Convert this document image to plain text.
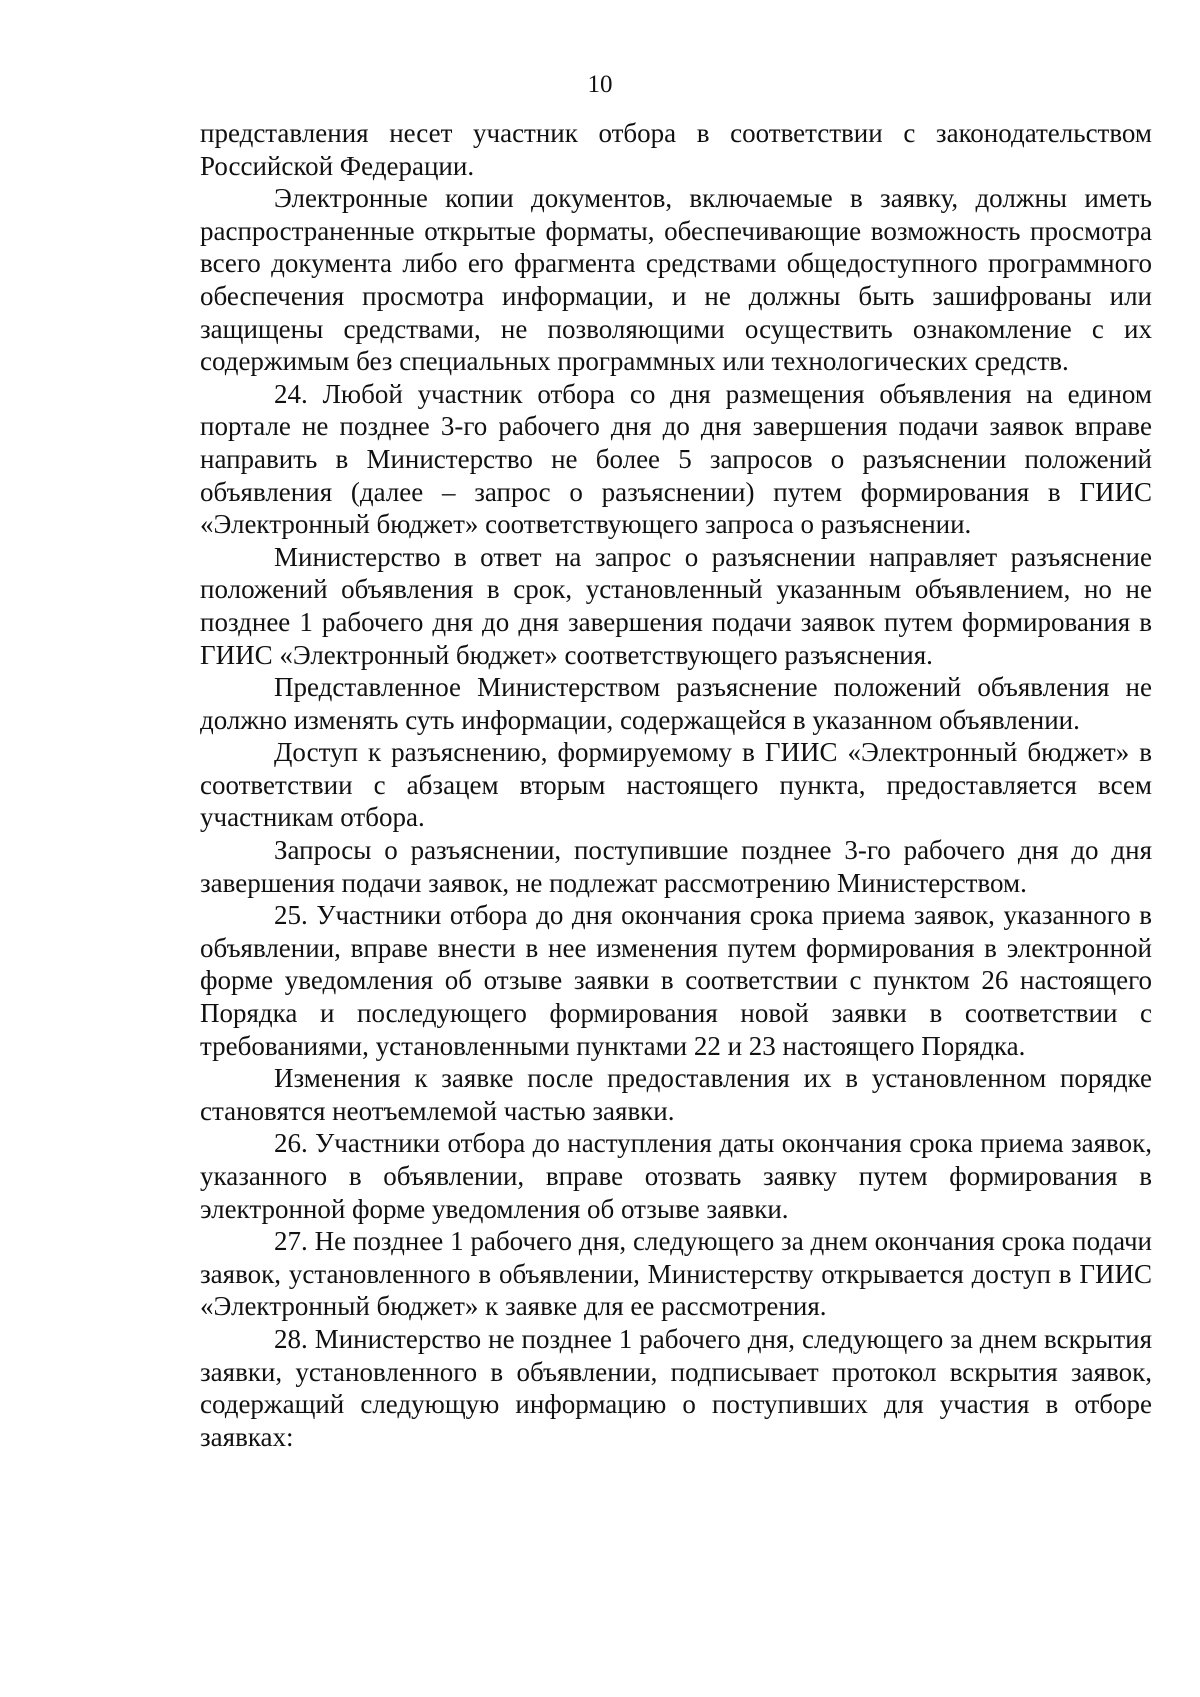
10

представления несет участник отбора в соответствии с законодательством Российской Федерации.

Электронные копии документов, включаемые в заявку, должны иметь распространенные открытые форматы, обеспечивающие возможность просмотра всего документа либо его фрагмента средствами общедоступного программного обеспечения просмотра информации, и не должны быть зашифрованы или защищены средствами, не позволяющими осуществить ознакомление с их содержимым без специальных программных или технологических средств.

24. Любой участник отбора со дня размещения объявления на едином портале не позднее 3-го рабочего дня до дня завершения подачи заявок вправе направить в Министерство не более 5 запросов о разъяснении положений объявления (далее – запрос о разъяснении) путем формирования в ГИИС «Электронный бюджет» соответствующего запроса о разъяснении.

Министерство в ответ на запрос о разъяснении направляет разъяснение положений объявления в срок, установленный указанным объявлением, но не позднее 1 рабочего дня до дня завершения подачи заявок путем формирования в ГИИС «Электронный бюджет» соответствующего разъяснения.

Представленное Министерством разъяснение положений объявления не должно изменять суть информации, содержащейся в указанном объявлении.

Доступ к разъяснению, формируемому в ГИИС «Электронный бюджет» в соответствии с абзацем вторым настоящего пункта, предоставляется всем участникам отбора.

Запросы о разъяснении, поступившие позднее 3-го рабочего дня до дня завершения подачи заявок, не подлежат рассмотрению Министерством.

25. Участники отбора до дня окончания срока приема заявок, указанного в объявлении, вправе внести в нее изменения путем формирования в электронной форме уведомления об отзыве заявки в соответствии с пунктом 26 настоящего Порядка и последующего формирования новой заявки в соответствии с требованиями, установленными пунктами 22 и 23 настоящего Порядка.

Изменения к заявке после предоставления их в установленном порядке становятся неотъемлемой частью заявки.

26. Участники отбора до наступления даты окончания срока приема заявок, указанного в объявлении, вправе отозвать заявку путем формирования в электронной форме уведомления об отзыве заявки.

27. Не позднее 1 рабочего дня, следующего за днем окончания срока подачи заявок, установленного в объявлении, Министерству открывается доступ в ГИИС «Электронный бюджет» к заявке для ее рассмотрения.

28. Министерство не позднее 1 рабочего дня, следующего за днем вскрытия заявки, установленного в объявлении, подписывает протокол вскрытия заявок, содержащий следующую информацию о поступивших для участия в отборе заявках:
